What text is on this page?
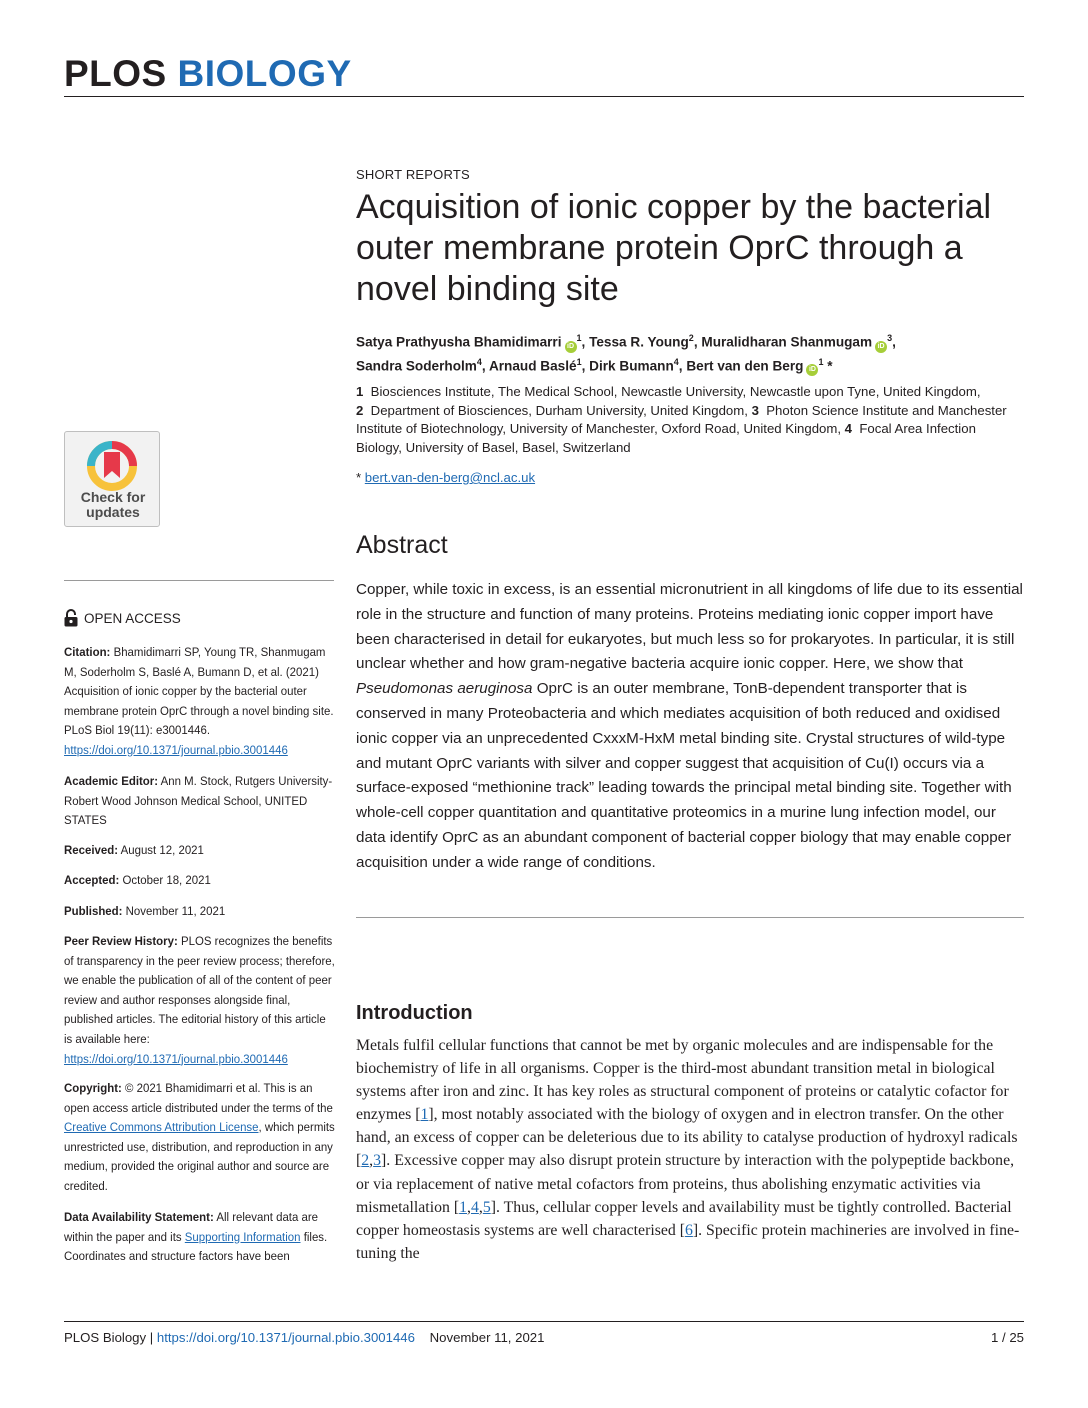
PLOS BIOLOGY
Check for
updates
OPEN ACCESS
Citation: Bhamidimarri SP, Young TR, Shanmugam M, Soderholm S, Baslé A, Bumann D, et al. (2021) Acquisition of ionic copper by the bacterial outer membrane protein OprC through a novel binding site. PLoS Biol 19(11): e3001446. https://doi.org/10.1371/journal.pbio.3001446
Academic Editor: Ann M. Stock, Rutgers University-Robert Wood Johnson Medical School, UNITED STATES
Received: August 12, 2021
Accepted: October 18, 2021
Published: November 11, 2021
Peer Review History: PLOS recognizes the benefits of transparency in the peer review process; therefore, we enable the publication of all of the content of peer review and author responses alongside final, published articles. The editorial history of this article is available here: https://doi.org/10.1371/journal.pbio.3001446
Copyright: © 2021 Bhamidimarri et al. This is an open access article distributed under the terms of the Creative Commons Attribution License, which permits unrestricted use, distribution, and reproduction in any medium, provided the original author and source are credited.
Data Availability Statement: All relevant data are within the paper and its Supporting Information files. Coordinates and structure factors have been
SHORT REPORTS
Acquisition of ionic copper by the bacterial outer membrane protein OprC through a novel binding site
Satya Prathyusha Bhamidimarri $iD^1$, Tessa R. Young$^2$, Muralidharan Shanmugam $iD^3$,
Sandra Soderholm$^4$, Arnaud Baslé$^1$, Dirk Bumann$^4$, Bert van den Berg $iD^1$ *
1  Biosciences Institute, The Medical School, Newcastle University, Newcastle upon Tyne, United Kingdom,
2  Department of Biosciences, Durham University, United Kingdom, 3  Photon Science Institute and Manchester Institute of Biotechnology, University of Manchester, Oxford Road, United Kingdom, 4  Focal Area Infection Biology, University of Basel, Basel, Switzerland
* bert.van-den-berg@ncl.ac.uk
Abstract
Copper, while toxic in excess, is an essential micronutrient in all kingdoms of life due to its essential role in the structure and function of many proteins. Proteins mediating ionic copper import have been characterised in detail for eukaryotes, but much less so for prokaryotes. In particular, it is still unclear whether and how gram-negative bacteria acquire ionic copper. Here, we show that Pseudomonas aeruginosa OprC is an outer membrane, TonB-dependent transporter that is conserved in many Proteobacteria and which mediates acquisition of both reduced and oxidised ionic copper via an unprecedented CxxxM-HxM metal binding site. Crystal structures of wild-type and mutant OprC variants with silver and copper suggest that acquisition of Cu(I) occurs via a surface-exposed “methionine track” leading towards the principal metal binding site. Together with whole-cell copper quantitation and quantitative proteomics in a murine lung infection model, our data identify OprC as an abundant component of bacterial copper biology that may enable copper acquisition under a wide range of conditions.
Introduction
Metals fulfil cellular functions that cannot be met by organic molecules and are indispensable for the biochemistry of life in all organisms. Copper is the third-most abundant transition metal in biological systems after iron and zinc. It has key roles as structural component of proteins or catalytic cofactor for enzymes [1], most notably associated with the biology of oxygen and in electron transfer. On the other hand, an excess of copper can be deleterious due to its ability to catalyse production of hydroxyl radicals [2,3]. Excessive copper may also disrupt protein structure by interaction with the polypeptide backbone, or via replacement of native metal cofactors from proteins, thus abolishing enzymatic activities via mismetallation [1,4,5]. Thus, cellular copper levels and availability must be tightly controlled. Bacterial copper homeostasis systems are well characterised [6]. Specific protein machineries are involved in fine-tuning the
PLOS Biology | https://doi.org/10.1371/journal.pbio.3001446 November 11, 2021	1 / 25
